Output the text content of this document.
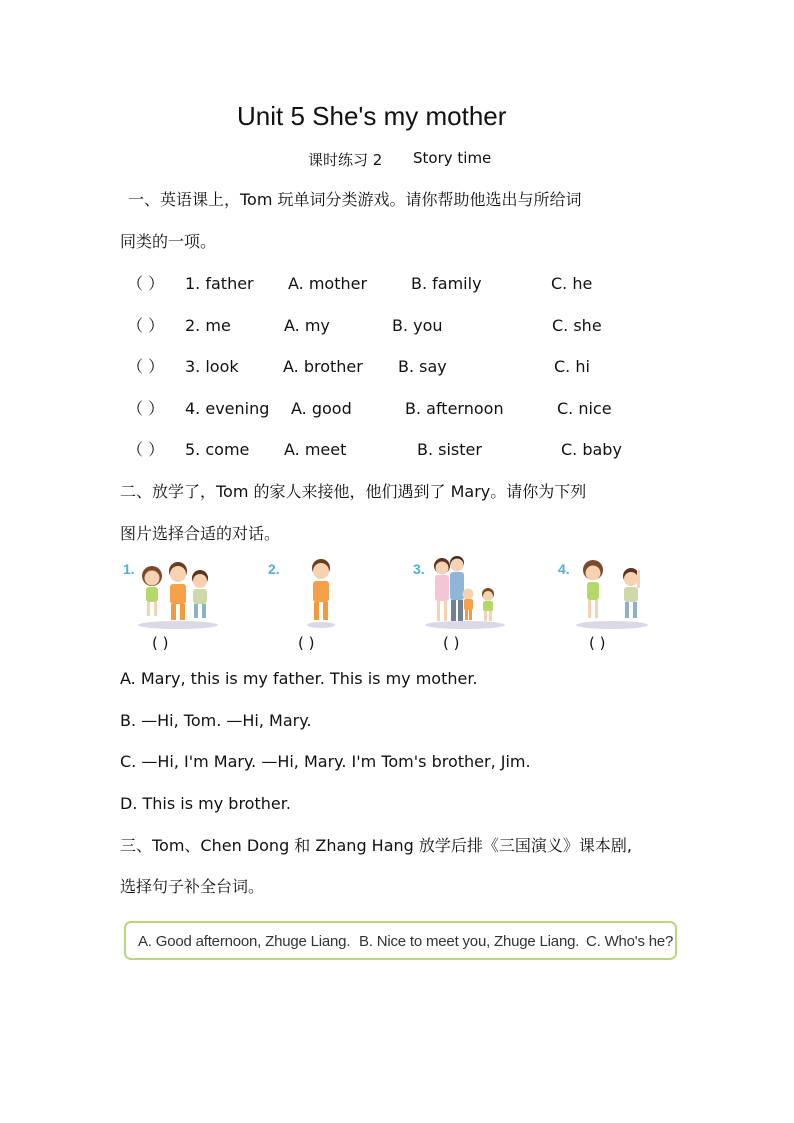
Unit 5 She's my mother
课时练习 2 Story time
一、英语课上，Tom 玩单词分类游戏。请你帮助他选出与所给词
同类的一项。
（ ） 1. father A. mother	B. family	C. he
（ ） 2. me	A. my	B. you	C. she
（ ） 3. look	A. brother B. say	C. hi
（ ） 4. evening A. good	B. afternoon	C. nice
（ ） 5. come A. meet	B. sister	C. baby
二、放学了，Tom 的家人来接他，他们遇到了 Mary。请你为下列
图片选择合适的对话。
1.
( )
2.
( )
3.
( )
4.
( )
A. Mary, this is my father. This is my mother.
B. —Hi, Tom. —Hi, Mary.
C. —Hi, I'm Mary. —Hi, Mary. I'm Tom's brother, Jim.
D. This is my brother.
三、Tom、Chen Dong 和 Zhang Hang 放学后排《三国演义》课本剧,
选择句子补全台词。
A. Good afternoon, Zhuge Liang. B. Nice to meet you, Zhuge Liang. C. Who's he?
